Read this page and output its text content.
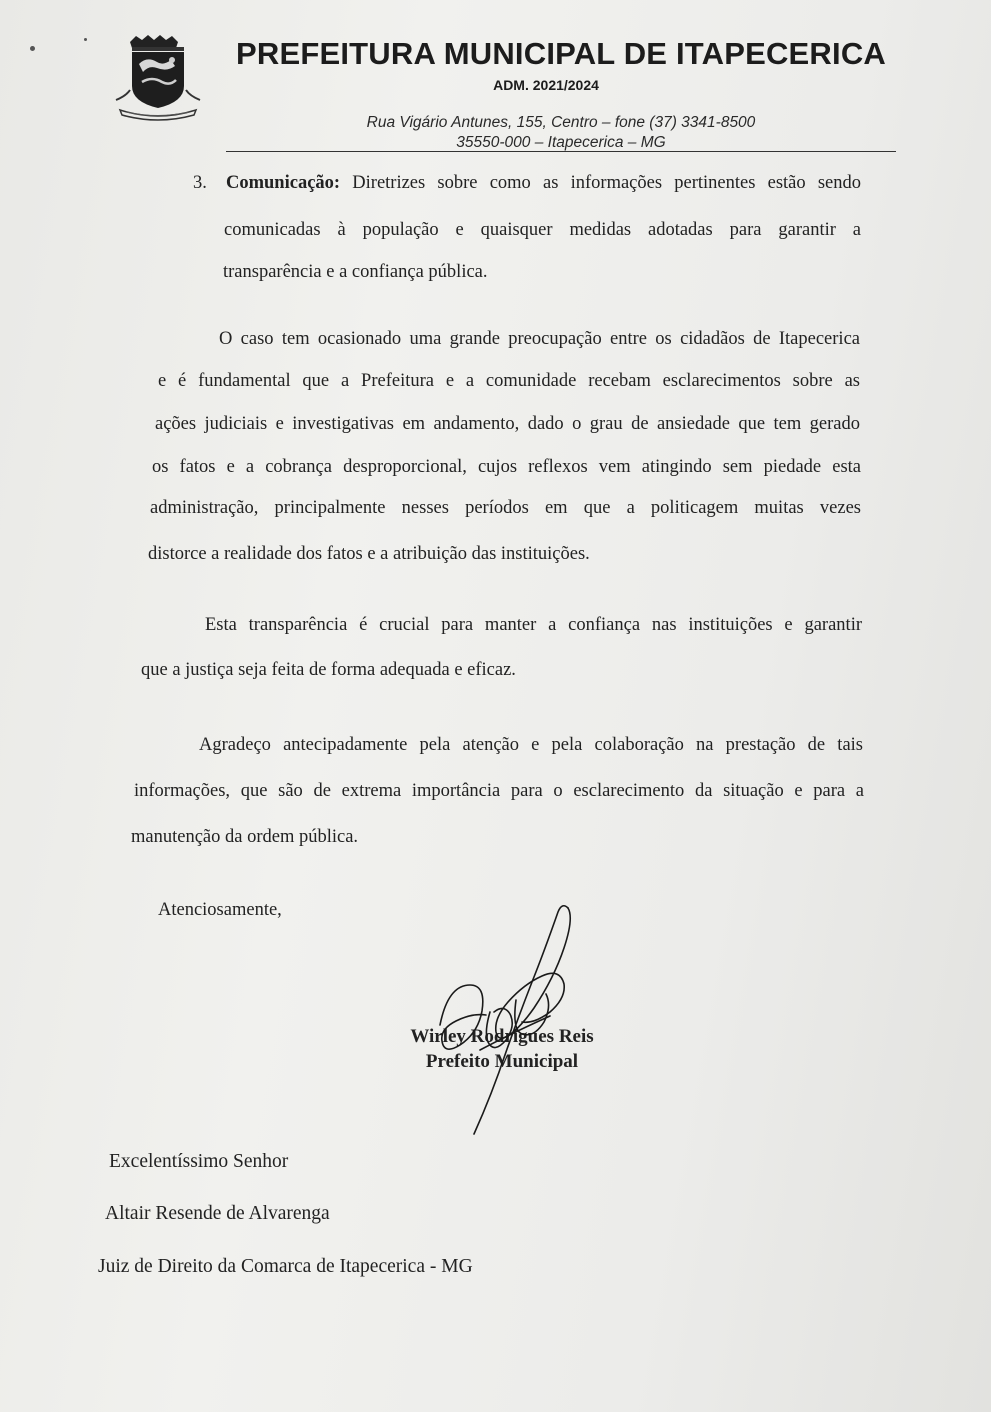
PREFEITURA MUNICIPAL DE ITAPECERICA
ADM. 2021/2024
Rua Vigário Antunes, 155, Centro – fone (37) 3341-8500
35550-000 – Itapecerica – MG
3. Comunicação: Diretrizes sobre como as informações pertinentes estão sendo
comunicadas à população e quaisquer medidas adotadas para garantir a
transparência e a confiança pública.
O caso tem ocasionado uma grande preocupação entre os cidadãos de Itapecerica
e é fundamental que a Prefeitura e a comunidade recebam esclarecimentos sobre as
ações judiciais e investigativas em andamento, dado o grau de ansiedade que tem gerado
os fatos e a cobrança desproporcional, cujos reflexos vem atingindo sem piedade esta
administração, principalmente nesses períodos em que a politicagem muitas vezes
distorce a realidade dos fatos e a atribuição das instituições.
Esta transparência é crucial para manter a confiança nas instituições e garantir
que a justiça seja feita de forma adequada e eficaz.
Agradeço antecipadamente pela atenção e pela colaboração na prestação de tais
informações, que são de extrema importância para o esclarecimento da situação e para a
manutenção da ordem pública.
Atenciosamente,
Wirley Rodrigues Reis
Prefeito Municipal
Excelentíssimo Senhor
Altair Resende de Alvarenga
Juiz de Direito da Comarca de Itapecerica - MG
